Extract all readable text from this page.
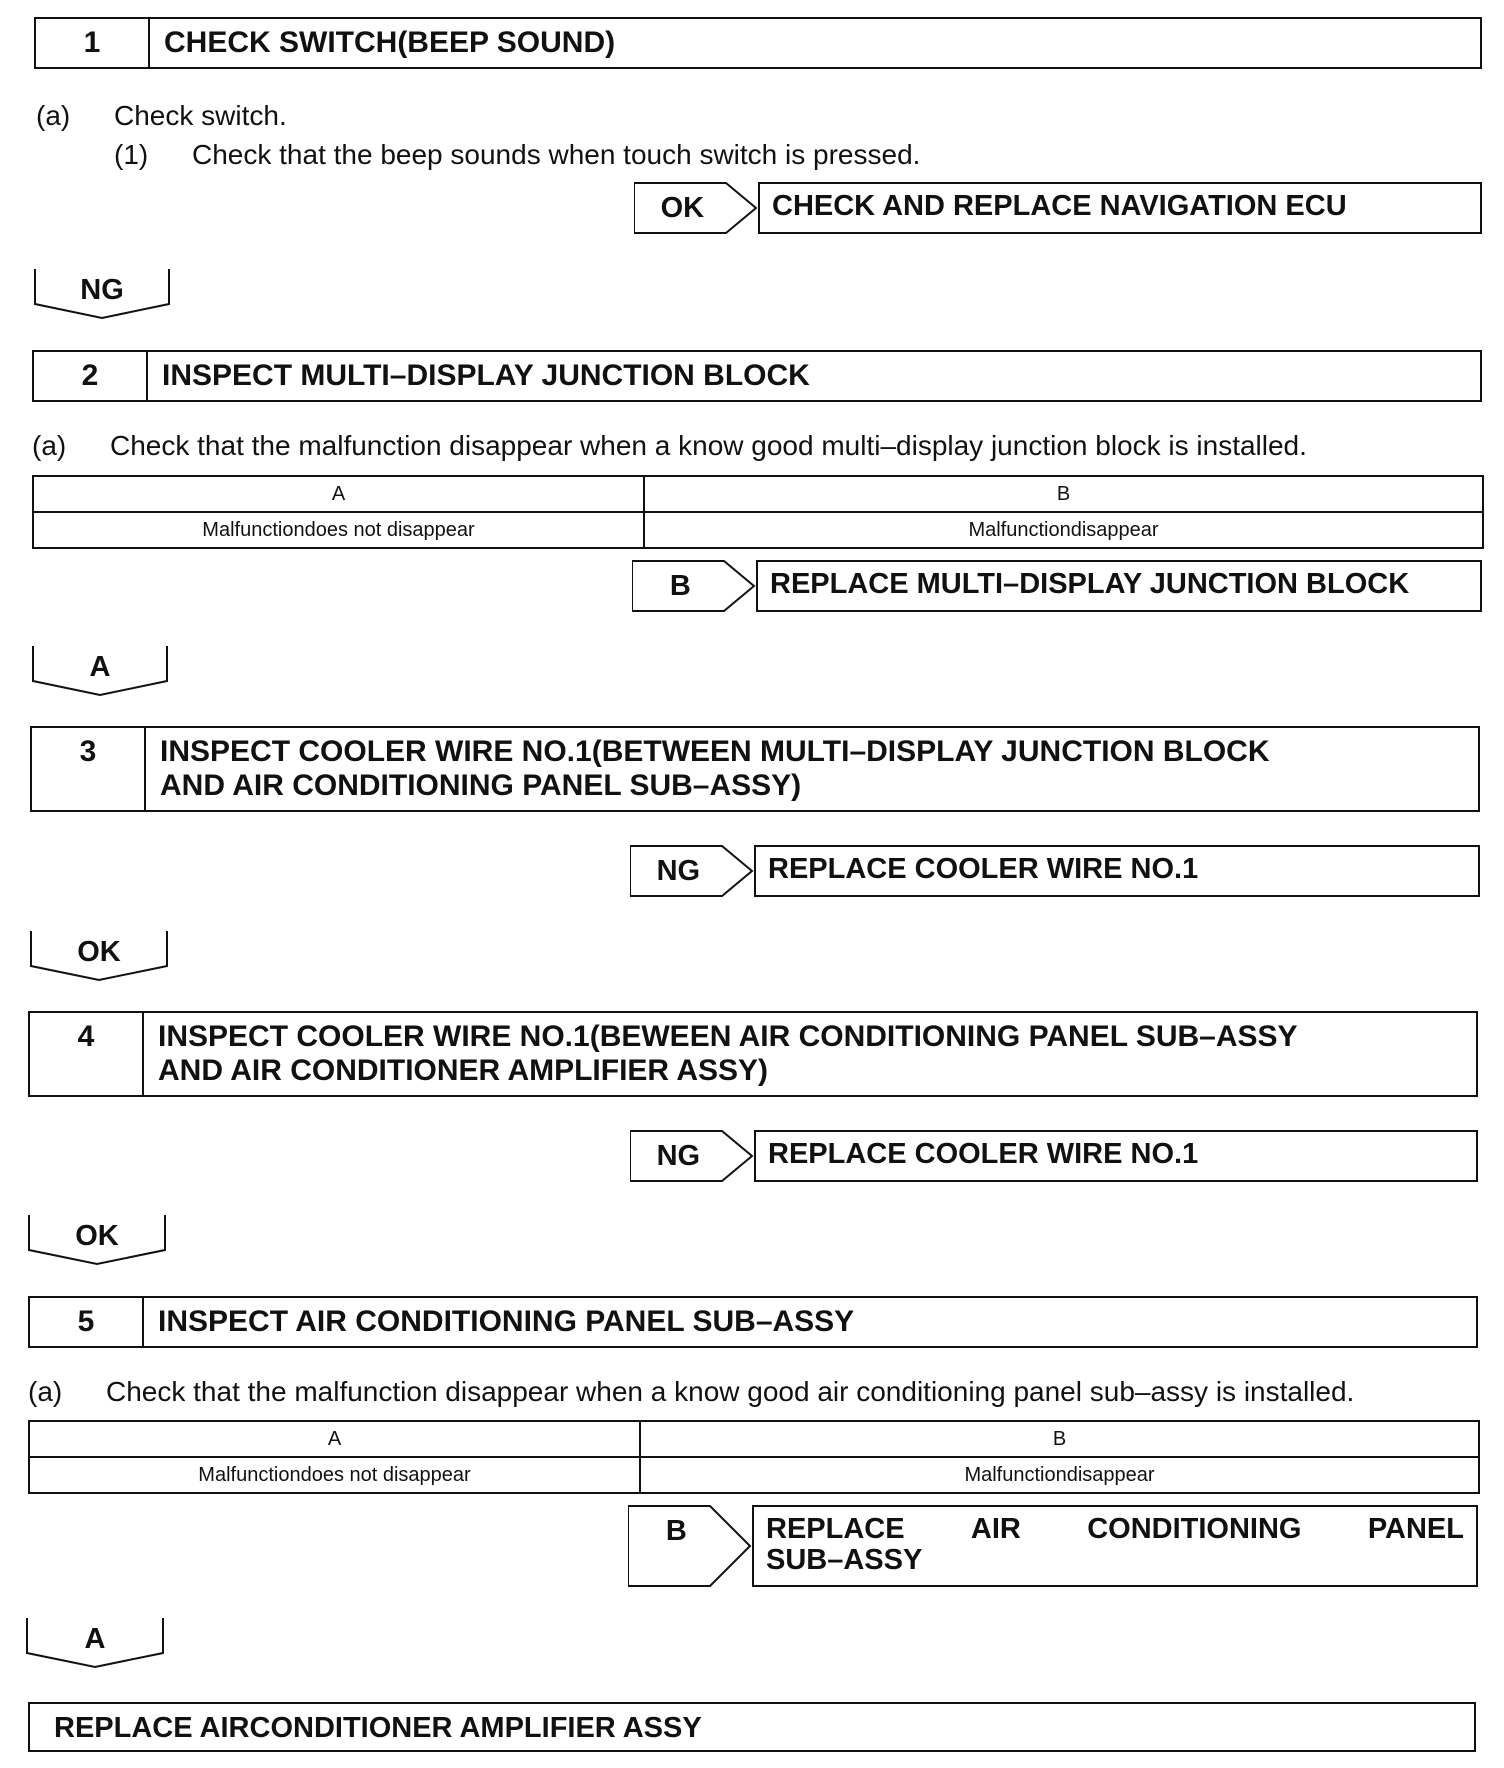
1	CHECK SWITCH(BEEP SOUND)
(a) Check switch.
(1) Check that the beep sounds when touch switch is pressed.
OK	CHECK AND REPLACE NAVIGATION ECU
NG
2	INSPECT MULTI–DISPLAY JUNCTION BLOCK
(a) Check that the malfunction disappear when a know good multi–display junction block is installed.
A	B
Malfunctiondoes not disappear	Malfunctiondisappear
B	REPLACE MULTI–DISPLAY JUNCTION BLOCK
A
3	INSPECT COOLER WIRE NO.1(BETWEEN MULTI–DISPLAY JUNCTION BLOCK
AND AIR CONDITIONING PANEL SUB–ASSY)
NG	REPLACE COOLER WIRE NO.1
OK
4	INSPECT COOLER WIRE NO.1(BEWEEN AIR CONDITIONING PANEL SUB–ASSY
AND AIR CONDITIONER AMPLIFIER ASSY)
NG	REPLACE COOLER WIRE NO.1
OK
5	INSPECT AIR CONDITIONING PANEL SUB–ASSY
(a) Check that the malfunction disappear when a know good air conditioning panel sub–assy is installed.
A	B
Malfunctiondoes not disappear	Malfunctiondisappear
B	REPLACE AIR CONDITIONING PANEL
SUB–ASSY
A
REPLACE AIRCONDITIONER AMPLIFIER ASSY
